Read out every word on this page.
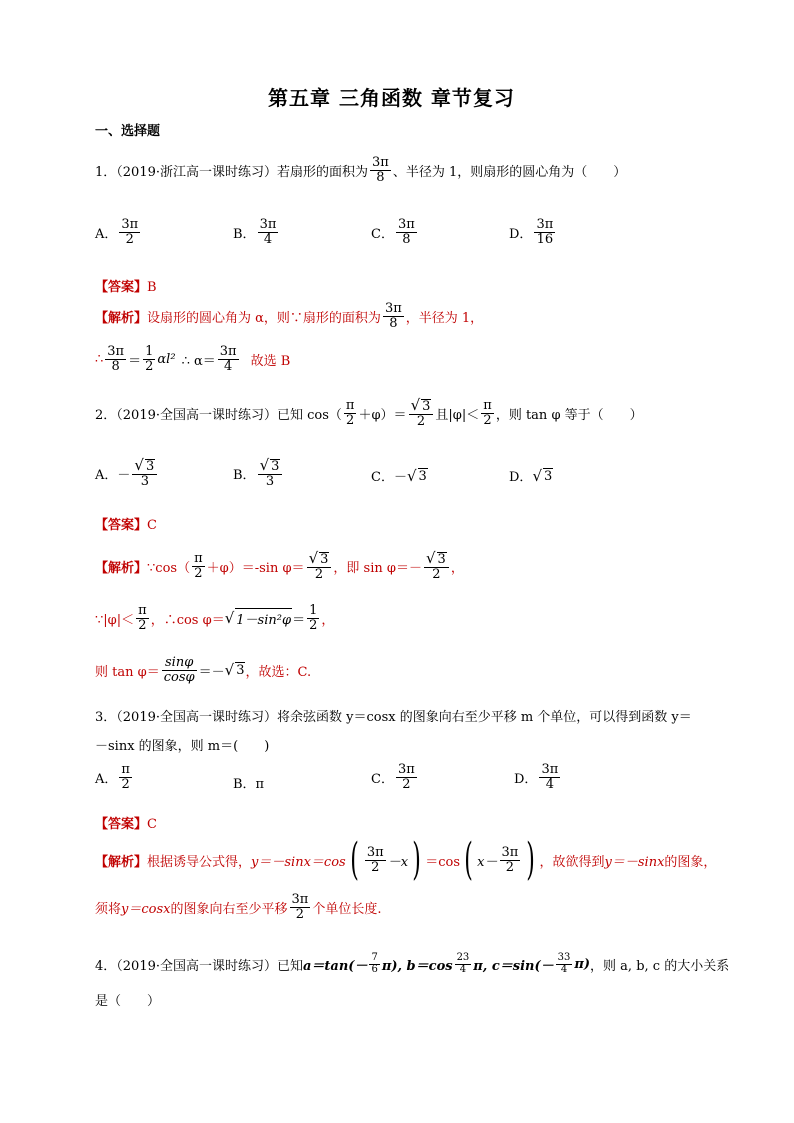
第五章 三角函数 章节复习
一、选择题
1．（2019·浙江高一课时练习）若扇形的面积为 $\frac{3\pi}{8}$ 、半径为 1，则扇形的圆心角为（　　）
A． $\frac{3\pi}{2}$	B． $\frac{3\pi}{4}$	C． $\frac{3\pi}{8}$	D． $\frac{3\pi}{16}$
【答案】B
【解析】 设扇形的圆心角为 α，则∵扇形的面积为 $\frac{3\pi}{8}$ ，半径为 1，
∴ $\frac{3\pi}{8} = \frac{1}{2} \alpha l^2$ ∴ $\alpha= \frac{3\pi}{4}$ 故选 B
2．（2019·全国高一课时练习）已知 $\cos( \frac{\pi}{2} +\varphi)= \frac{√ 3}{2}$ 且$|\varphi|< \frac{\pi}{2}$ ，则 tan φ 等于（　　）
A． － $\frac{√ 3}{3}$	B． $\frac{√ 3}{3}$	C． － √ 3	D． √ 3
【答案】C
【解析】 ∵cos（ $\frac{\pi}{2} +\varphi)=-\sin$ $\varphi= \frac{√ 3}{2}$ ，即 $\sin \varphi=- \frac{√ 3}{2}$ ，
∵|φ|＜ $\frac{\pi}{2}$ ，∴cos φ＝ √ $1-\sin^2\varphi = \frac{1}{2}$ ，
则 $\tan \varphi= \frac{\sin\varphi}{\cos\varphi}$ ＝－ √ 3 ，故选：C.
3．（2019·全国高一课时练习）将余弦函数 y＝cosx 的图象向右至少平移 m 个单位，可以得到函数 y＝
－sinx 的图象，则 m＝(　　)
A． $\frac{\pi}{2}$	B．π	C． $\frac{3\pi}{2}$	D． $\frac{3\pi}{4}$
【答案】C
【解析】 根据诱导公式得， y＝－sinx＝cos ( $\frac{3\pi}{2} -x$ ) ＝cos ( $x- \frac{3\pi}{2}$ ) ，故欲得到 y＝－sinx 的图象，
须将 y＝cosx 的图象向右至少平移 $\frac{3\pi}{2}$ 个单位长度.
4．（2019·全国高一课时练习）已知 $a=\tan(- \frac{7}{6} \pi)$, $b=\cos \frac{23}{4} \pi$, $c=\sin(- \frac{33}{4} \pi)$ ，则 a, b, c 的大小关系
是（　　）
